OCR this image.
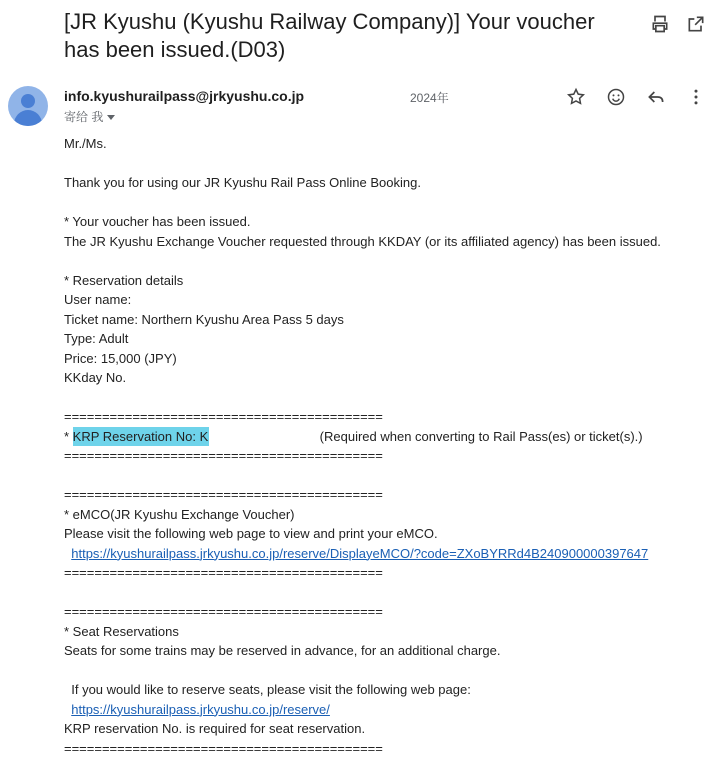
[JR Kyushu (Kyushu Railway Company)] Your voucher has been issued.(D03)
info.kyushurailpass@jrkyushu.co.jp
寄给 我
2024年
Mr./Ms.
Thank you for using our JR Kyushu Rail Pass Online Booking.
* Your voucher has been issued.
The JR Kyushu Exchange Voucher requested through KKDAY (or its affiliated agency) has been issued.
* Reservation details
User name:
Ticket name: Northern Kyushu Area Pass 5 days
Type: Adult
Price: 15,000 (JPY)
KKday No.
==========================================
* KRP Reservation No: K	(Required when converting to Rail Pass(es) or ticket(s).)
==========================================
==========================================
* eMCO(JR Kyushu Exchange Voucher)
Please visit the following web page to view and print your eMCO.
https://kyushurailpass.jrkyushu.co.jp/reserve/DisplayeMCO/?code=ZXoBYRRd4B240900000397647
==========================================
==========================================
* Seat Reservations
Seats for some trains may be reserved in advance, for an additional charge.
If you would like to reserve seats, please visit the following web page:
https://kyushurailpass.jrkyushu.co.jp/reserve/
KRP reservation No. is required for seat reservation.
==========================================
